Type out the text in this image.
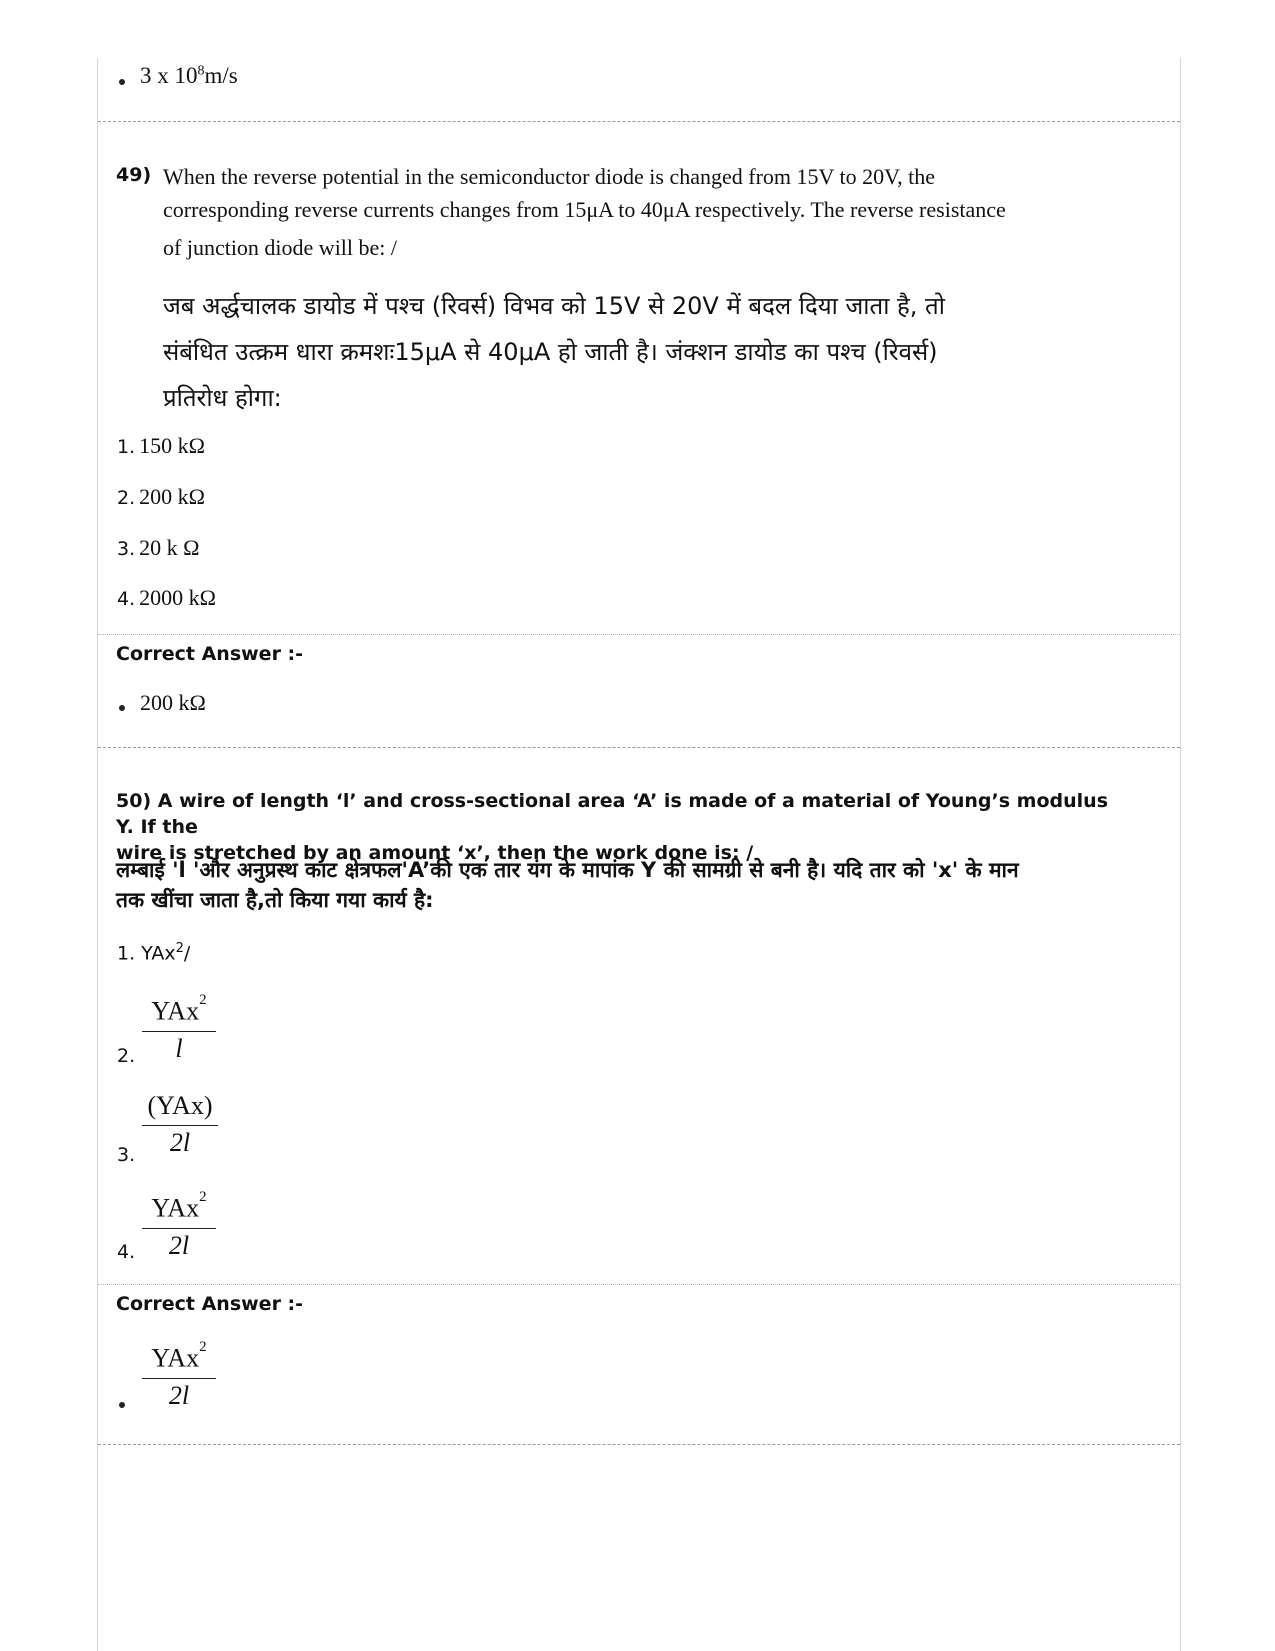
3 x $10^8m/s$
49) When the reverse potential in the semiconductor diode is changed from 15V to 20V, the
corresponding reverse currents changes from 15μA to 40μA respectively. The reverse resistance
of junction diode will be: /
जब अर्द्धचालक डायोड में पश्च (रिवर्स) विभव को 15V से 20V में बदल दिया जाता है, तो
संबंधित उत्क्रम धारा क्रमशः15μA से 40μA हो जाती है। जंक्शन डायोड का पश्च (रिवर्स)
प्रतिरोध होगा:
1. 150 kΩ
2. 200 kΩ
3. 20 k Ω
4. 2000 kΩ
Correct Answer :-
200 kΩ
50) A wire of length ‘l’ and cross-sectional area ‘A’ is made of a material of Young’s modulus Y. If the
wire is stretched by an amount ‘x’, then the work done is: /
लम्बाई 'l 'और अनुप्रस्थ काट क्षेत्रफल'A’की एक तार यंग के मापांक Y की सामग्री से बनी है। यदि तार को 'x' के मान
तक खींचा जाता है,तो किया गया कार्य है:
1. YAx$^2$/
2.
YAx$^2$
l
3.
(YAx)
2l
4.
YAx$^2$
2l
Correct Answer :-
YAx$^2$
2l
